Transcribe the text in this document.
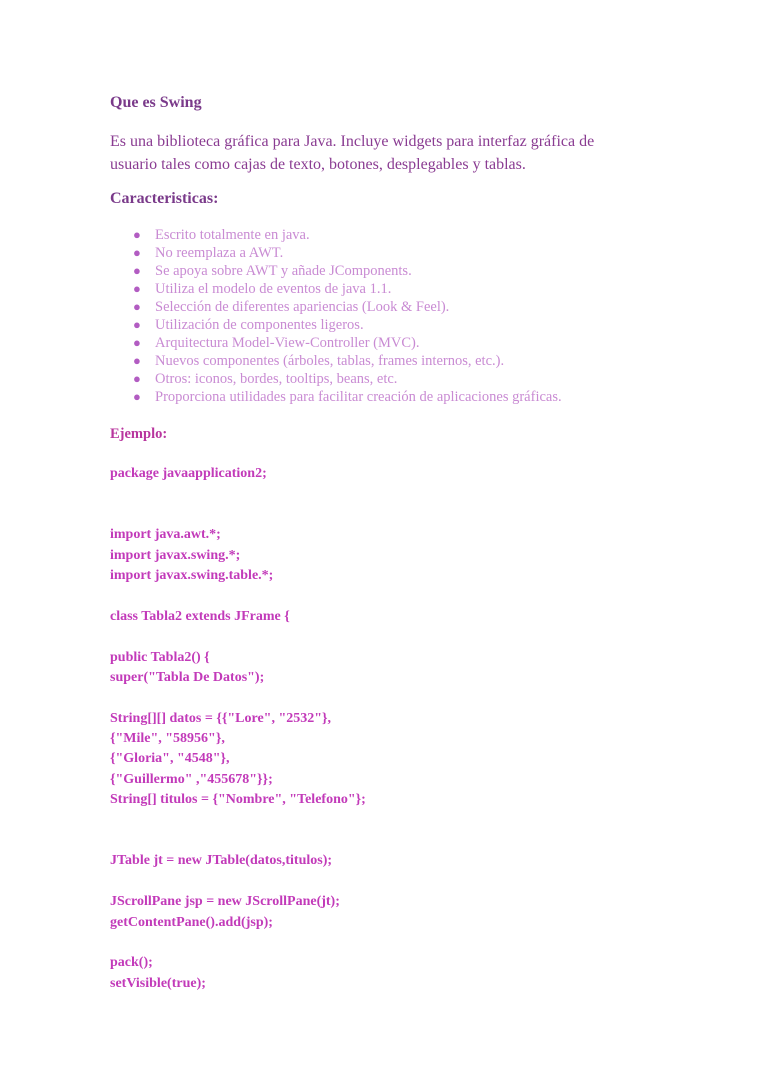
Que es Swing

Es una biblioteca gráfica para Java. Incluye widgets para interfaz gráfica de
usuario tales como cajas de texto, botones, desplegables y tablas.

Caracteristicas:
● Escrito totalmente en java.
● No reemplaza a AWT.
● Se apoya sobre AWT y añade JComponents.
● Utiliza el modelo de eventos de java 1.1.
● Selección de diferentes apariencias (Look & Feel).
● Utilización de componentes ligeros.
● Arquitectura Model-View-Controller (MVC).
● Nuevos componentes (árboles, tablas, frames internos, etc.).
● Otros: iconos, bordes, tooltips, beans, etc.
● Proporciona utilidades para facilitar creación de aplicaciones gráficas.
Ejemplo:
package javaapplication2;
import java.awt.*;
import javax.swing.*;
import javax.swing.table.*;
class Tabla2 extends JFrame {
public Tabla2() {
super("Tabla De Datos");
String[][] datos = {{"Lore", "2532"},
{"Mile", "58956"},
{"Gloria", "4548"},
{"Guillermo" ,"455678"}};
String[] titulos = {"Nombre", "Telefono"};
JTable jt = new JTable(datos,titulos);
JScrollPane jsp = new JScrollPane(jt);
getContentPane().add(jsp);
pack();
setVisible(true);
